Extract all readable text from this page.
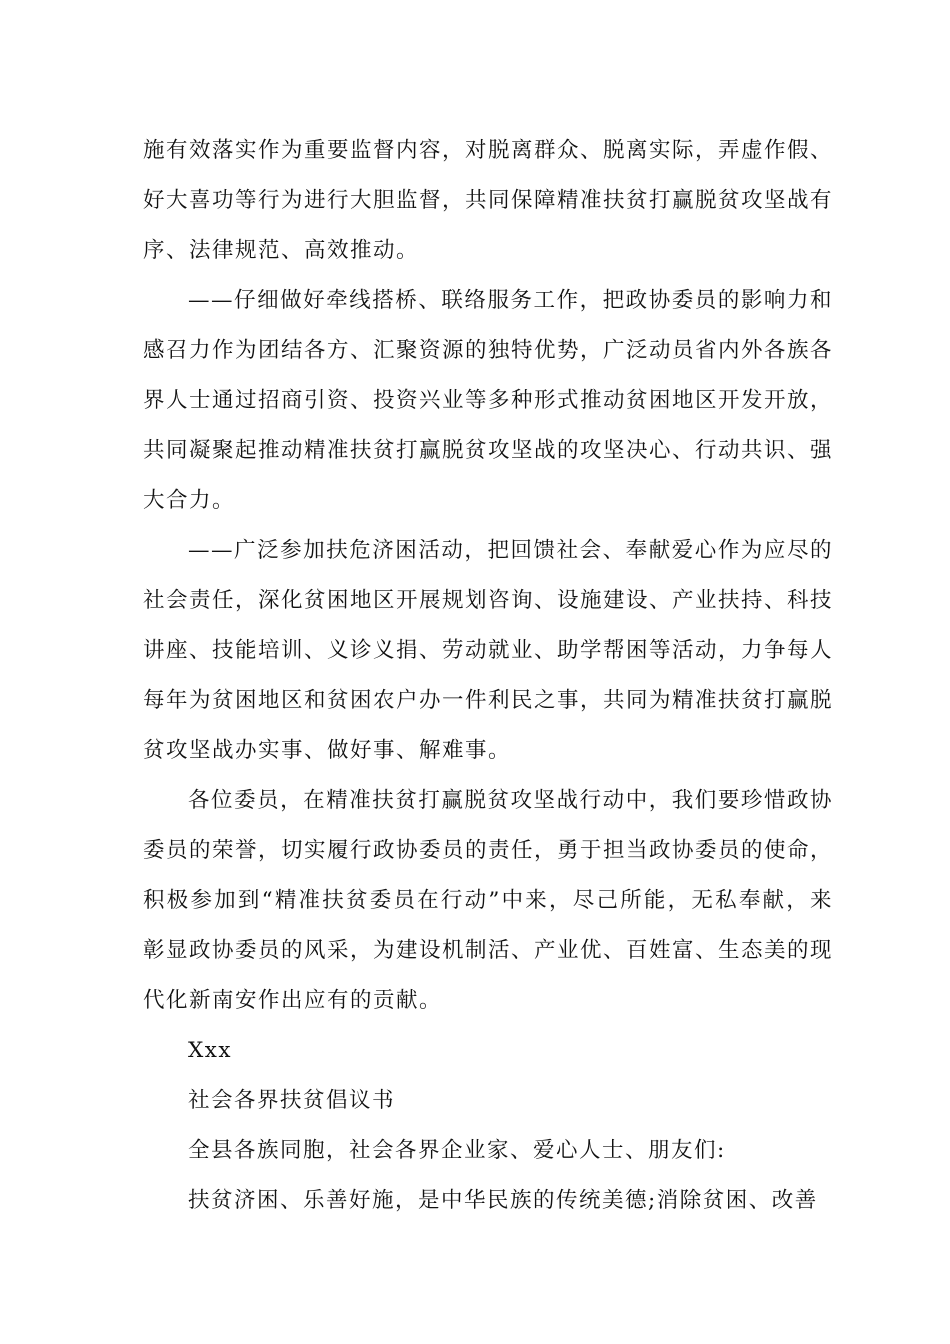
施有效落实作为重要监督内容，对脱离群众、脱离实际，弄虚作假、好大喜功等行为进行大胆监督，共同保障精准扶贫打赢脱贫攻坚战有序、法律规范、高效推动。

——仔细做好牵线搭桥、联络服务工作，把政协委员的影响力和感召力作为团结各方、汇聚资源的独特优势，广泛动员省内外各族各界人士通过招商引资、投资兴业等多种形式推动贫困地区开发开放，共同凝聚起推动精准扶贫打赢脱贫攻坚战的攻坚决心、行动共识、强大合力。

——广泛参加扶危济困活动，把回馈社会、奉献爱心作为应尽的社会责任，深化贫困地区开展规划咨询、设施建设、产业扶持、科技讲座、技能培训、义诊义捐、劳动就业、助学帮困等活动，力争每人每年为贫困地区和贫困农户办一件利民之事，共同为精准扶贫打赢脱贫攻坚战办实事、做好事、解难事。

各位委员，在精准扶贫打赢脱贫攻坚战行动中，我们要珍惜政协委员的荣誉，切实履行政协委员的责任，勇于担当政协委员的使命，积极参加到“精准扶贫委员在行动”中来，尽己所能，无私奉献，来彰显政协委员的风采，为建设机制活、产业优、百姓富、生态美的现代化新南安作出应有的贡献。

Xxx

社会各界扶贫倡议书

全县各族同胞，社会各界企业家、爱心人士、朋友们:

扶贫济困、乐善好施，是中华民族的传统美德;消除贫困、改善
